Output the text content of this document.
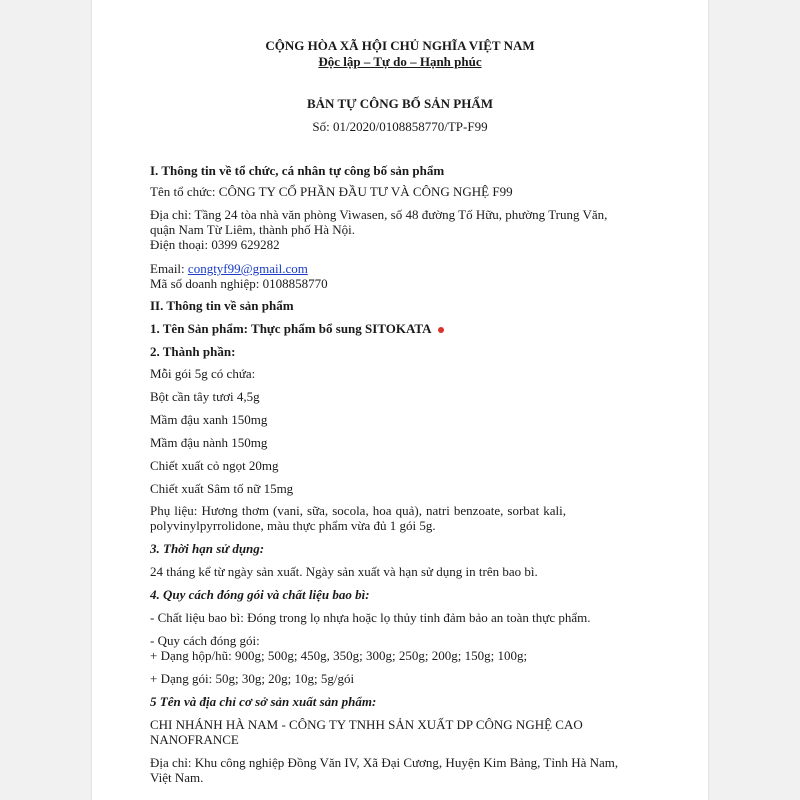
CỘNG HÒA XÃ HỘI CHỦ NGHĨA VIỆT NAM
Độc lập – Tự do – Hạnh phúc
BẢN TỰ CÔNG BỐ SẢN PHẨM
Số: 01/2020/0108858770/TP-F99
I. Thông tin về tổ chức, cá nhân tự công bố sản phẩm
Tên tổ chức: CÔNG TY CỔ PHẦN ĐẦU TƯ VÀ CÔNG NGHỆ F99
Địa chỉ: Tầng 24 tòa nhà văn phòng Viwasen, số 48 đường Tố Hữu, phường Trung Văn,
quận Nam Từ Liêm, thành phố Hà Nội.
Điện thoại: 0399 629282
Email: congtyf99@gmail.com
Mã số doanh nghiệp: 0108858770
II. Thông tin về sản phẩm
1. Tên Sản phẩm: Thực phẩm bổ sung SITOKATA
2. Thành phần:
Mỗi gói 5g có chứa:
Bột cần tây tươi 4,5g
Mầm đậu xanh 150mg
Mầm đậu nành 150mg
Chiết xuất cỏ ngọt 20mg
Chiết xuất Sâm tố nữ 15mg
Phụ liệu: Hương thơm (vani, sữa, socola, hoa quả), natri benzoate, sorbat kali,
polyvinylpyrrolidone, màu thực phẩm vừa đủ 1 gói 5g.
3. Thời hạn sử dụng:
24 tháng kể từ ngày sản xuất. Ngày sản xuất và hạn sử dụng in trên bao bì.
4. Quy cách đóng gói và chất liệu bao bì:
- Chất liệu bao bì: Đóng trong lọ nhựa hoặc lọ thủy tinh đảm bảo an toàn thực phẩm.
- Quy cách đóng gói:
+ Dạng hộp/hũ: 900g; 500g; 450g, 350g; 300g; 250g; 200g; 150g; 100g;
+ Dạng gói: 50g; 30g; 20g; 10g; 5g/gói
5 Tên và địa chỉ cơ sở sản xuất sản phẩm:
CHI NHÁNH HÀ NAM - CÔNG TY TNHH SẢN XUẤT DP CÔNG NGHỆ CAO
NANOFRANCE
Địa chỉ: Khu công nghiệp Đồng Văn IV, Xã Đại Cương, Huyện Kim Bảng, Tỉnh Hà Nam,
Việt Nam.
